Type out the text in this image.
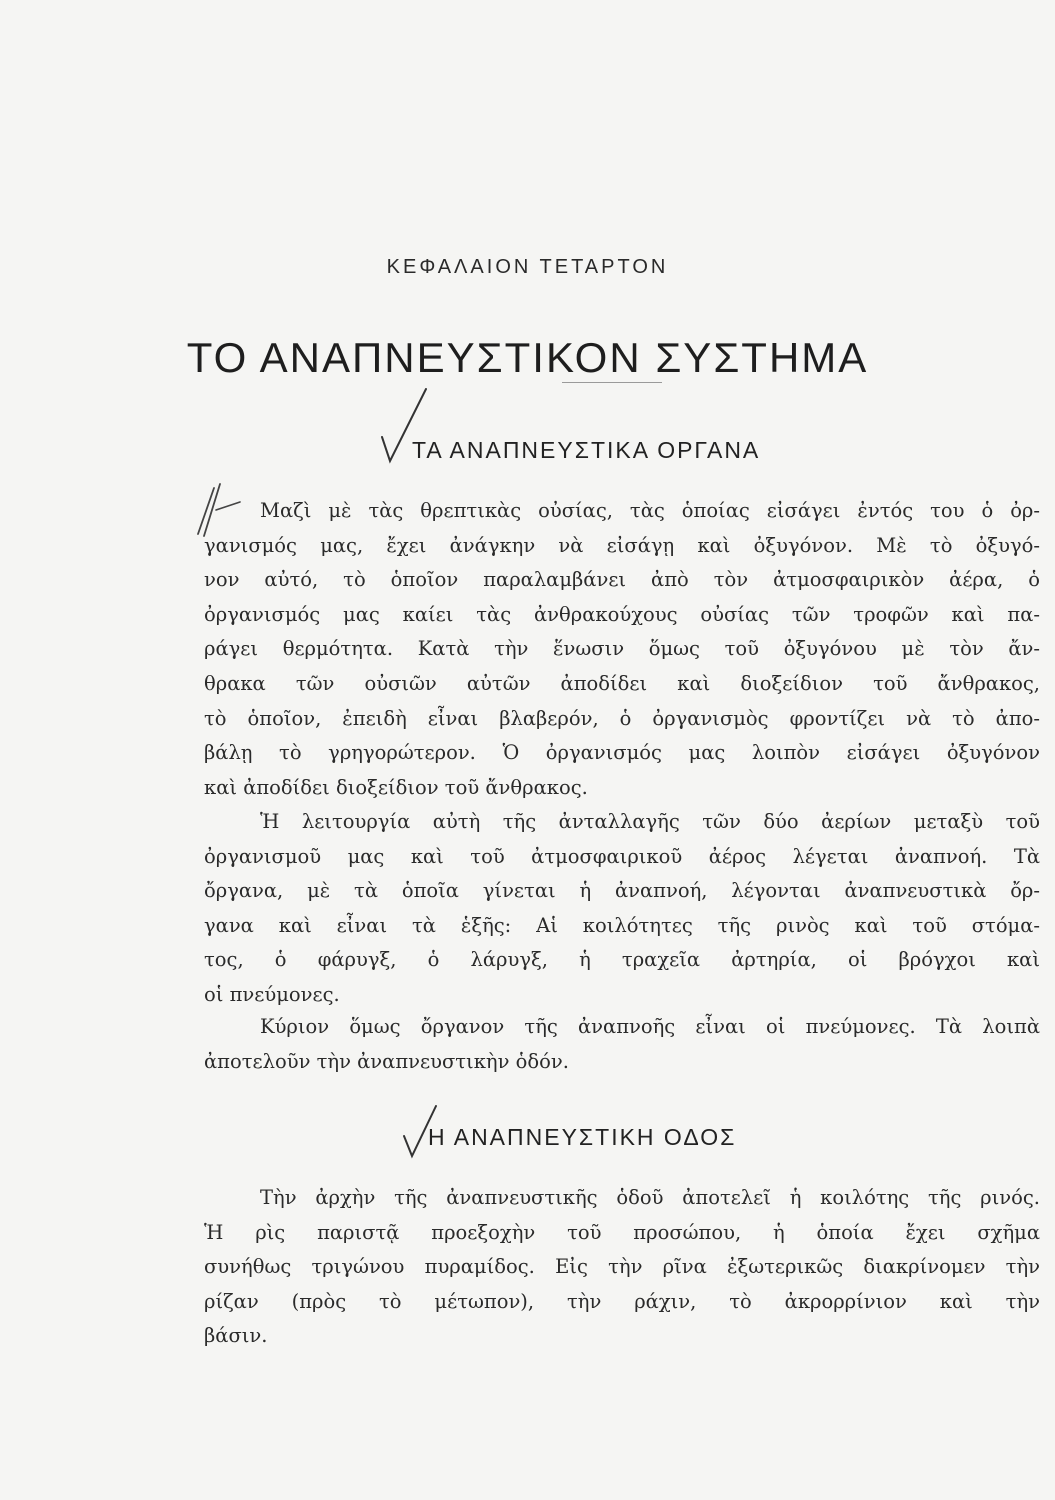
ΚΕΦΑΛΑΙΟΝ ΤΕΤΑΡΤΟΝ
ΤΟ ΑΝΑΠΝΕΥΣΤΙΚΟΝ ΣΥΣΤΗΜΑ
ΤΑ ΑΝΑΠΝΕΥΣΤΙΚΑ ΟΡΓΑΝΑ
Μαζὶ μὲ τὰς θρεπτικὰς οὐσίας, τὰς ὁποίας εἰσάγει ἐντός του ὁ ὀρ-
γανισμός μας, ἔχει ἀνάγκην νὰ εἰσάγῃ καὶ ὀξυγόνον. Μὲ τὸ ὀξυγό-
νον αὐτό, τὸ ὁποῖον παραλαμβάνει ἀπὸ τὸν ἀτμοσφαιρικὸν ἀέρα, ὁ
ὀργανισμός μας καίει τὰς ἀνθρακούχους οὐσίας τῶν τροφῶν καὶ πα-
ράγει θερμότητα. Κατὰ τὴν ἕνωσιν ὅμως τοῦ ὀξυγόνου μὲ τὸν ἄν-
θρακα τῶν οὐσιῶν αὐτῶν ἀποδίδει καὶ διοξείδιον τοῦ ἄνθρακος,
τὸ ὁποῖον, ἐπειδὴ εἶναι βλαβερόν, ὁ ὀργανισμὸς φροντίζει νὰ τὸ ἀπο-
βάλῃ τὸ γρηγορώτερον. Ὁ ὀργανισμός μας λοιπὸν εἰσάγει ὀξυγόνον
καὶ ἀποδίδει διοξείδιον τοῦ ἄνθρακος.
Ἡ λειτουργία αὐτὴ τῆς ἀνταλλαγῆς τῶν δύο ἀερίων μεταξὺ τοῦ
ὀργανισμοῦ μας καὶ τοῦ ἀτμοσφαιρικοῦ ἀέρος λέγεται ἀναπνοή. Τὰ
ὄργανα, μὲ τὰ ὁποῖα γίνεται ἡ ἀναπνοή, λέγονται ἀναπνευστικὰ ὄρ-
γανα καὶ εἶναι τὰ ἑξῆς: Αἱ κοιλότητες τῆς ρινὸς καὶ τοῦ στόμα-
τος, ὁ φάρυγξ, ὁ λάρυγξ, ἡ τραχεῖα ἀρτηρία, οἱ βρόγχοι καὶ
οἱ πνεύμονες.
Κύριον ὅμως ὄργανον τῆς ἀναπνοῆς εἶναι οἱ πνεύμονες. Τὰ λοιπὰ
ἀποτελοῦν τὴν ἀναπνευστικὴν ὁδόν.
Η ΑΝΑΠΝΕΥΣΤΙΚΗ ΟΔΟΣ
Τὴν ἀρχὴν τῆς ἀναπνευστικῆς ὁδοῦ ἀποτελεῖ ἡ κοιλότης τῆς ρινός.
Ἡ ρὶς παριστᾷ προεξοχὴν τοῦ προσώπου, ἡ ὁποία ἔχει σχῆμα
συνήθως τριγώνου πυραμίδος. Εἰς τὴν ρῖνα ἐξωτερικῶς διακρίνομεν τὴν
ρίζαν (πρὸς τὸ μέτωπον), τὴν ράχιν, τὸ ἀκρορρίνιον καὶ τὴν
βάσιν.
